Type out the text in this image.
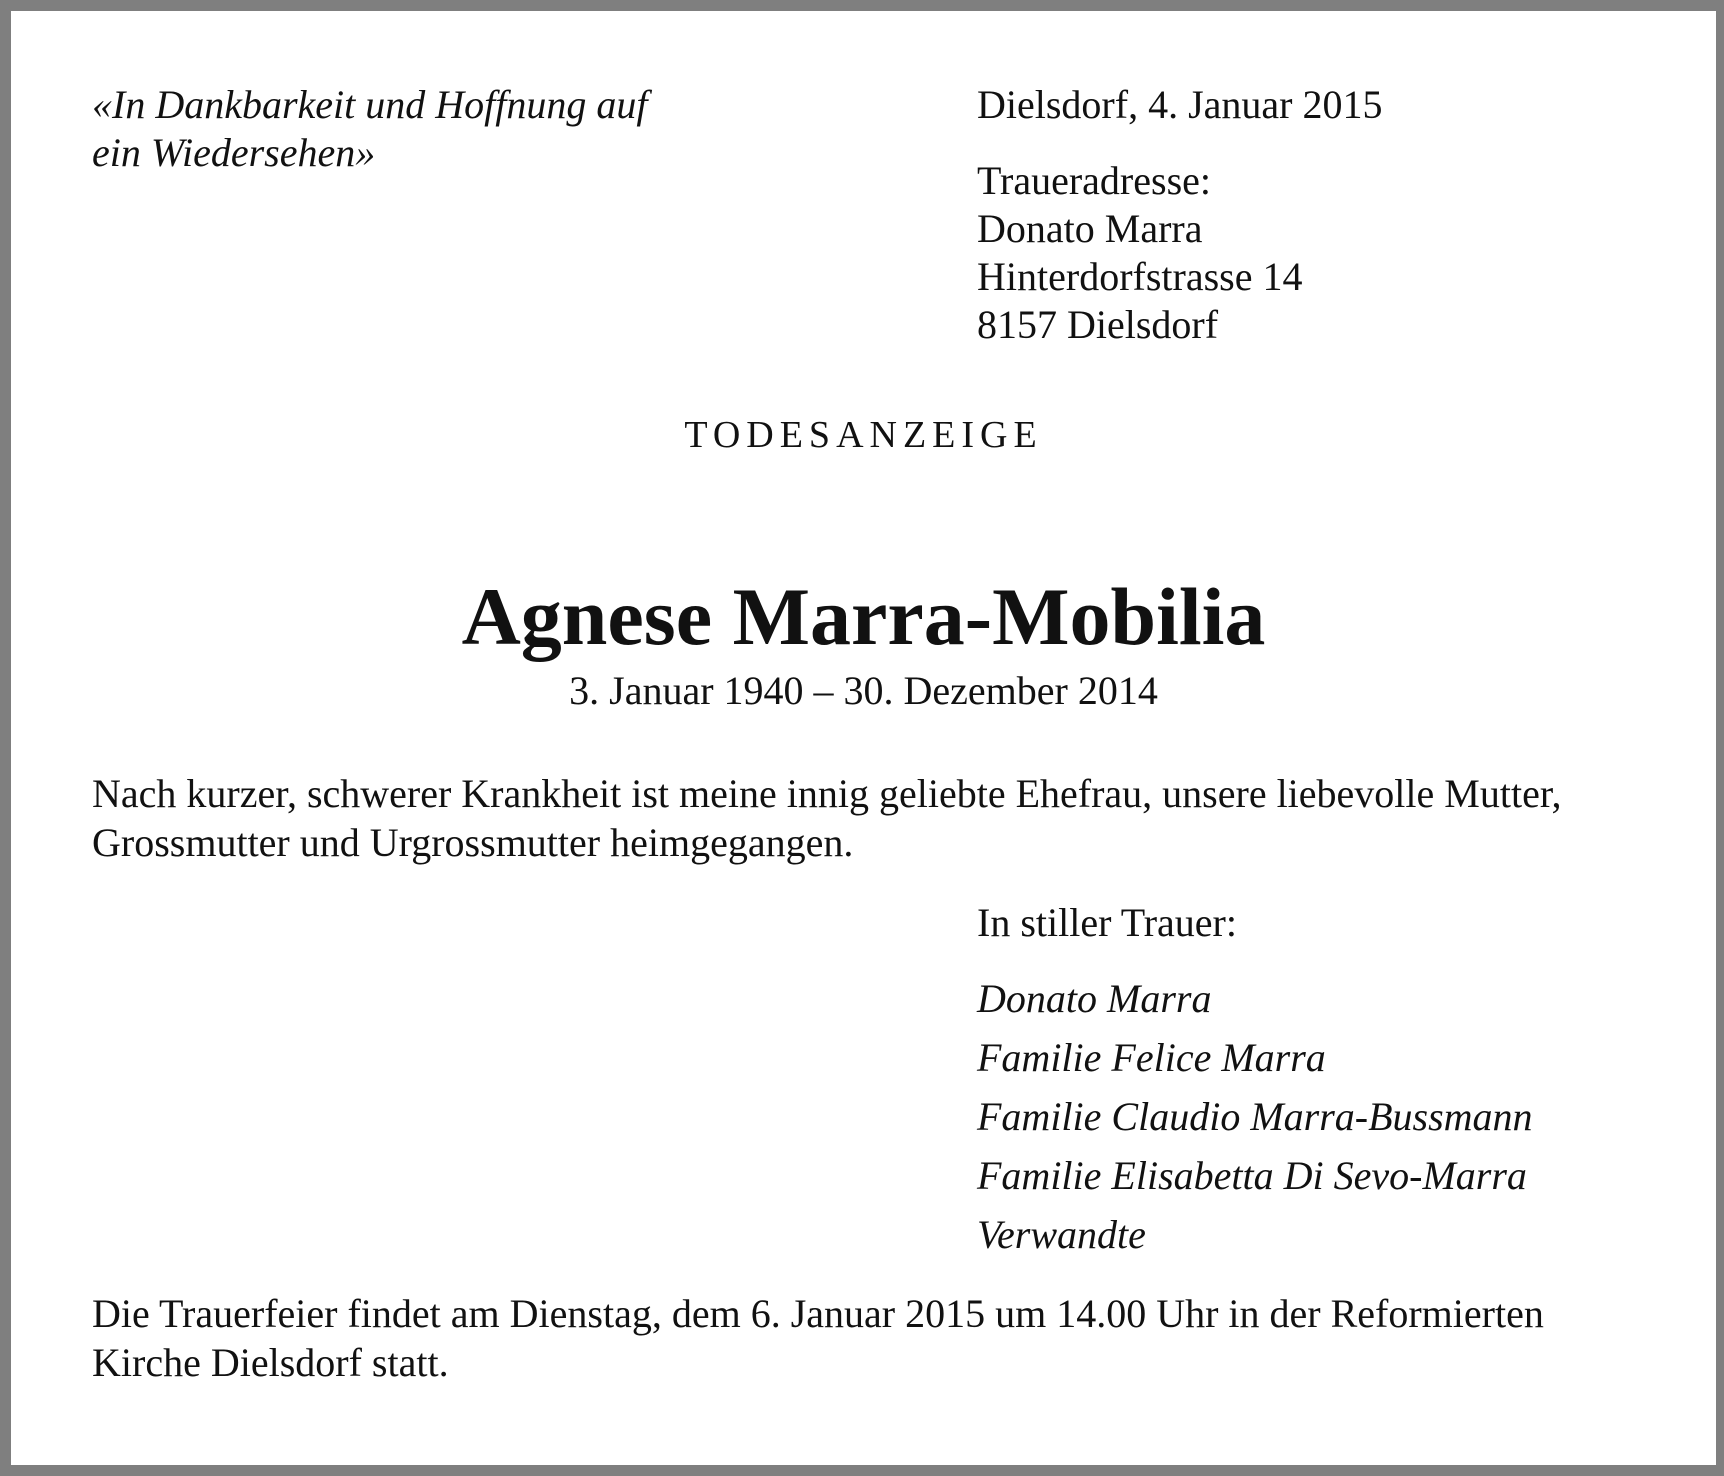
«In Dankbarkeit und Hoffnung auf
ein Wiedersehen»
Dielsdorf, 4. Januar 2015
Traueradresse:
Donato Marra
Hinterdorfstrasse 14
8157 Dielsdorf
TODESANZEIGE
Agnese Marra-Mobilia
3. Januar 1940 – 30. Dezember 2014
Nach kurzer, schwerer Krankheit ist meine innig geliebte Ehefrau, unsere liebevolle Mutter,
Grossmutter und Urgrossmutter heimgegangen.
In stiller Trauer:
Donato Marra
Familie Felice Marra
Familie Claudio Marra-Bussmann
Familie Elisabetta Di Sevo-Marra
Verwandte
Die Trauerfeier findet am Dienstag, dem 6. Januar 2015 um 14.00 Uhr in der Reformierten
Kirche Dielsdorf statt.
